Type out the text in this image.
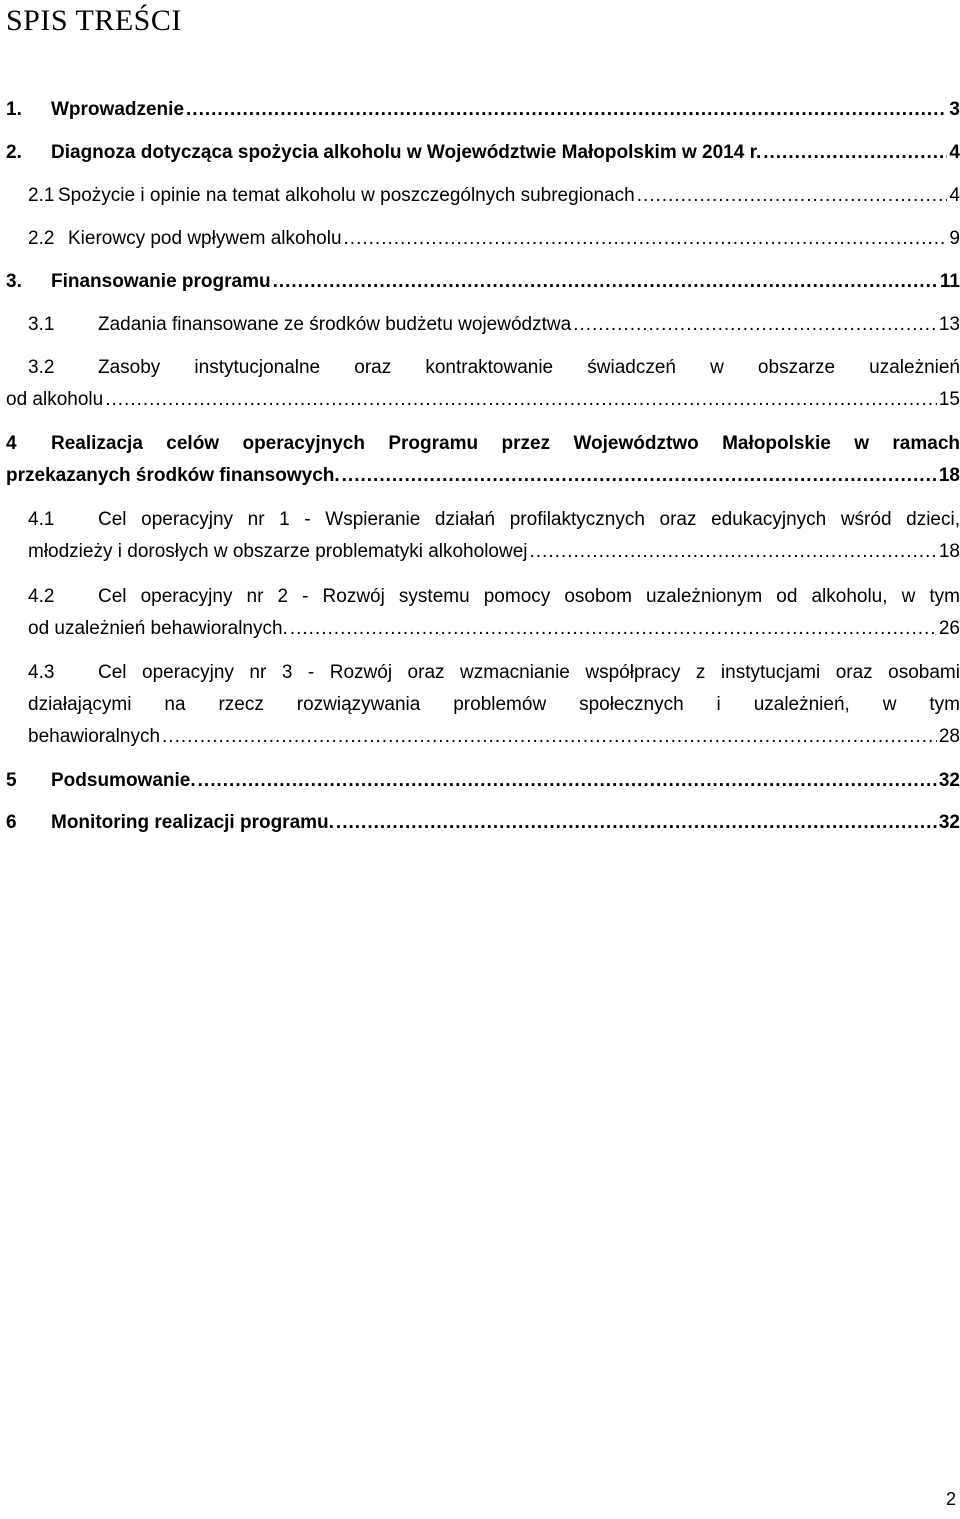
SPIS TREŚCI
1.	Wprowadzenie .....	3
2.	Diagnoza dotycząca spożycia alkoholu w Województwie Małopolskim w 2014 r. .....	4
2.1 Spożycie i opinie na temat alkoholu w poszczególnych subregionach .....	4
2.2 Kierowcy pod wpływem alkoholu .....	9
3.	Finansowanie programu .....	11
3.1	Zadania finansowane ze środków budżetu województwa .....	13
3.2	Zasoby instytucjonalne oraz kontraktowanie świadczeń w obszarze uzależnień
od alkoholu .....	15
4	Realizacja celów operacyjnych Programu przez Województwo Małopolskie w ramach
przekazanych środków finansowych. .....	18
4.1	Cel operacyjny nr 1 - Wspieranie działań profilaktycznych oraz edukacyjnych wśród dzieci,
młodzieży i dorosłych w obszarze problematyki alkoholowej .....	18
4.2	Cel operacyjny nr 2 - Rozwój systemu pomocy osobom uzależnionym od alkoholu, w tym
od uzależnień behawioralnych. .....	26
4.3	Cel operacyjny nr 3 - Rozwój oraz wzmacnianie współpracy z instytucjami oraz osobami
działającymi na rzecz rozwiązywania problemów społecznych i uzależnień, w tym
behawioralnych .....	28
5	Podsumowanie. .....	32
6	Monitoring realizacji programu. .....	32
2
